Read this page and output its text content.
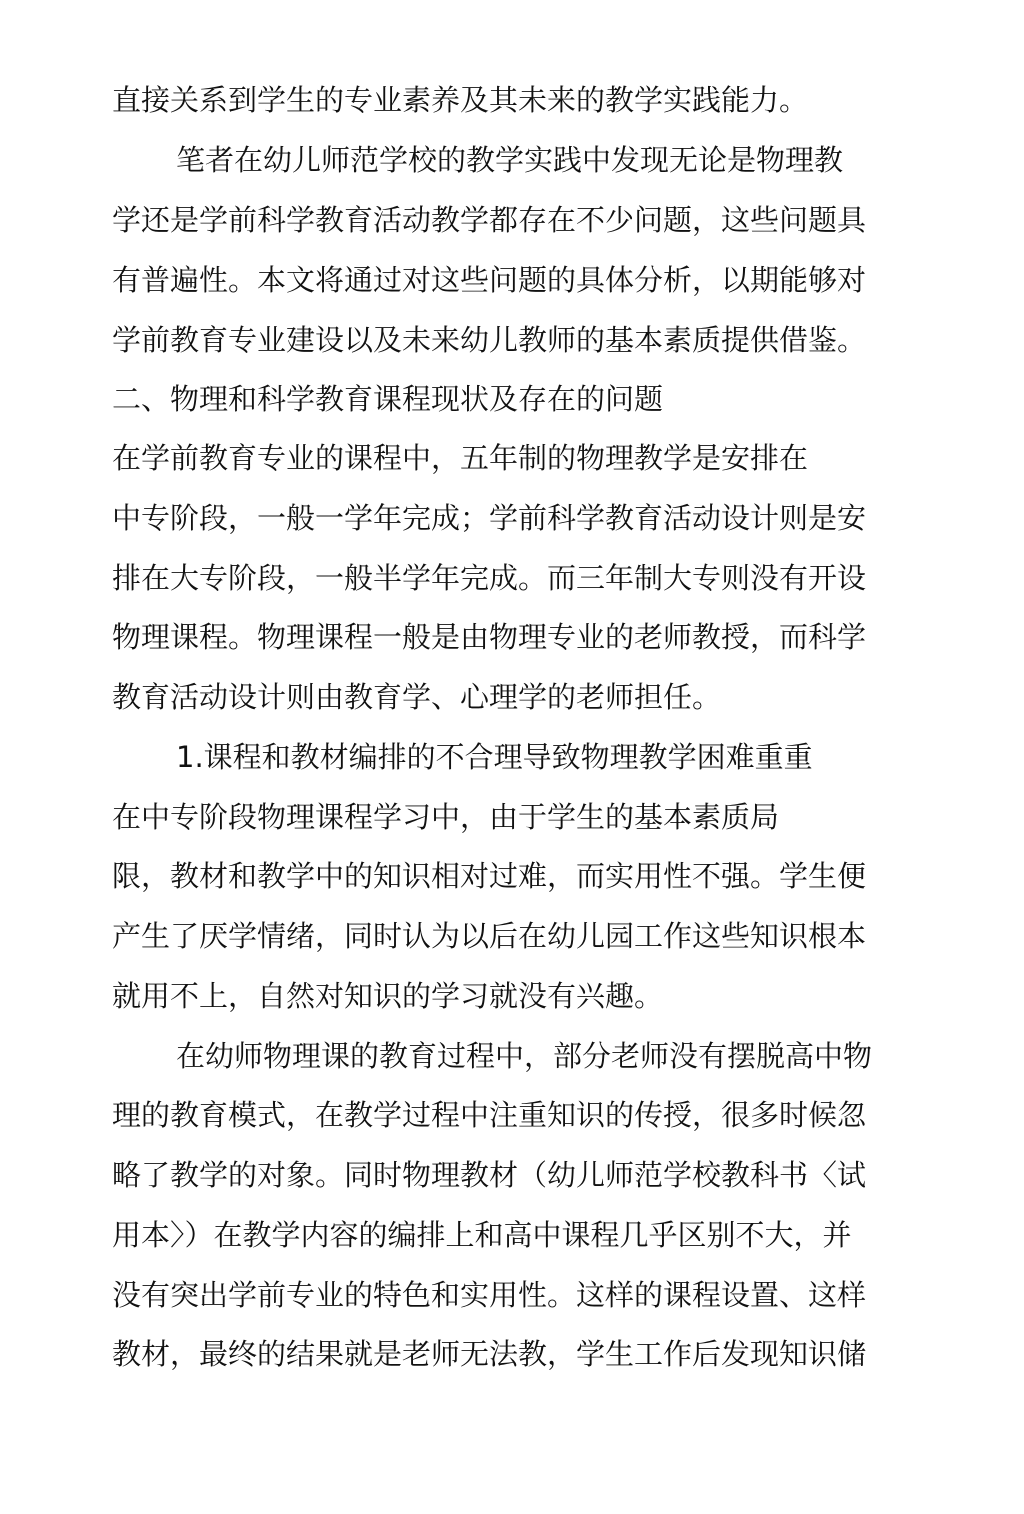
直接关系到学生的专业素养及其未来的教学实践能力。
笔者在幼儿师范学校的教学实践中发现无论是物理教
学还是学前科学教育活动教学都存在不少问题，这些问题具
有普遍性。本文将通过对这些问题的具体分析，以期能够对
学前教育专业建设以及未来幼儿教师的基本素质提供借鉴。
二、物理和科学教育课程现状及存在的问题
在学前教育专业的课程中，五年制的物理教学是安排在
中专阶段，一般一学年完成；学前科学教育活动设计则是安
排在大专阶段，一般半学年完成。而三年制大专则没有开设
物理课程。物理课程一般是由物理专业的老师教授，而科学
教育活动设计则由教育学、心理学的老师担任。
1.课程和教材编排的不合理导致物理教学困难重重
在中专阶段物理课程学习中，由于学生的基本素质局
限，教材和教学中的知识相对过难，而实用性不强。学生便
产生了厌学情绪，同时认为以后在幼儿园工作这些知识根本
就用不上，自然对知识的学习就没有兴趣。
在幼师物理课的教育过程中，部分老师没有摆脱高中物
理的教育模式，在教学过程中注重知识的传授，很多时候忽
略了教学的对象。同时物理教材（幼儿师范学校教科书〈试
用本〉）在教学内容的编排上和高中课程几乎区别不大，并
没有突出学前专业的特色和实用性。这样的课程设置、这样
教材，最终的结果就是老师无法教，学生工作后发现知识储
